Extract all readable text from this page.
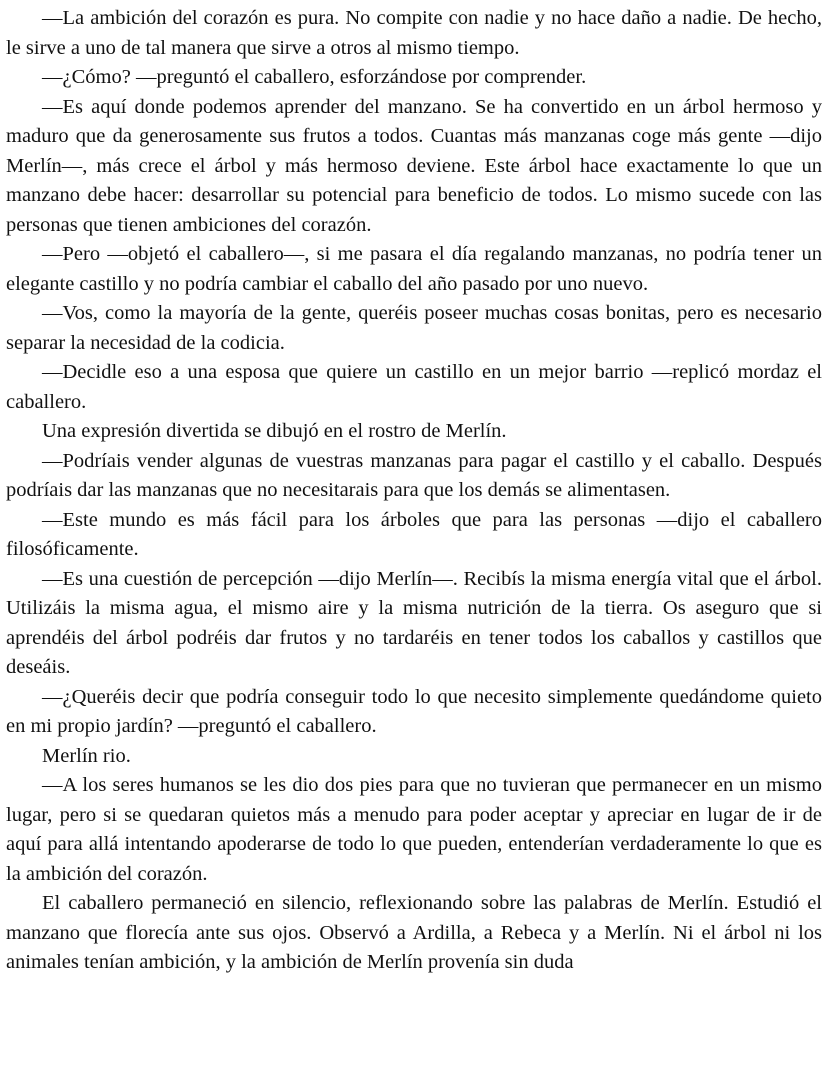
—La ambición del corazón es pura. No compite con nadie y no hace daño a nadie. De hecho, le sirve a uno de tal manera que sirve a otros al mismo tiempo.

—¿Cómo? —preguntó el caballero, esforzándose por comprender.

—Es aquí donde podemos aprender del manzano. Se ha convertido en un árbol hermoso y maduro que da generosamente sus frutos a todos. Cuantas más manzanas coge más gente —dijo Merlín—, más crece el árbol y más hermoso deviene. Este árbol hace exactamente lo que un manzano debe hacer: desarrollar su potencial para beneficio de todos. Lo mismo sucede con las personas que tienen ambiciones del corazón.

—Pero —objetó el caballero—, si me pasara el día regalando manzanas, no podría tener un elegante castillo y no podría cambiar el caballo del año pasado por uno nuevo.

—Vos, como la mayoría de la gente, queréis poseer muchas cosas bonitas, pero es necesario separar la necesidad de la codicia.

—Decidle eso a una esposa que quiere un castillo en un mejor barrio —replicó mordaz el caballero.

Una expresión divertida se dibujó en el rostro de Merlín.

—Podríais vender algunas de vuestras manzanas para pagar el castillo y el caballo. Después podríais dar las manzanas que no necesitarais para que los demás se alimentasen.

—Este mundo es más fácil para los árboles que para las personas —dijo el caballero filosóficamente.

—Es una cuestión de percepción —dijo Merlín—. Recibís la misma energía vital que el árbol. Utilizáis la misma agua, el mismo aire y la misma nutrición de la tierra. Os aseguro que si aprendéis del árbol podréis dar frutos y no tardaréis en tener todos los caballos y castillos que deseáis.

—¿Queréis decir que podría conseguir todo lo que necesito simplemente quedándome quieto en mi propio jardín? —preguntó el caballero.

Merlín rio.

—A los seres humanos se les dio dos pies para que no tuvieran que permanecer en un mismo lugar, pero si se quedaran quietos más a menudo para poder aceptar y apreciar en lugar de ir de aquí para allá intentando apoderarse de todo lo que pueden, entenderían verdaderamente lo que es la ambición del corazón.

El caballero permaneció en silencio, reflexionando sobre las palabras de Merlín. Estudió el manzano que florecía ante sus ojos. Observó a Ardilla, a Rebeca y a Merlín. Ni el árbol ni los animales tenían ambición, y la ambición de Merlín provenía sin duda
